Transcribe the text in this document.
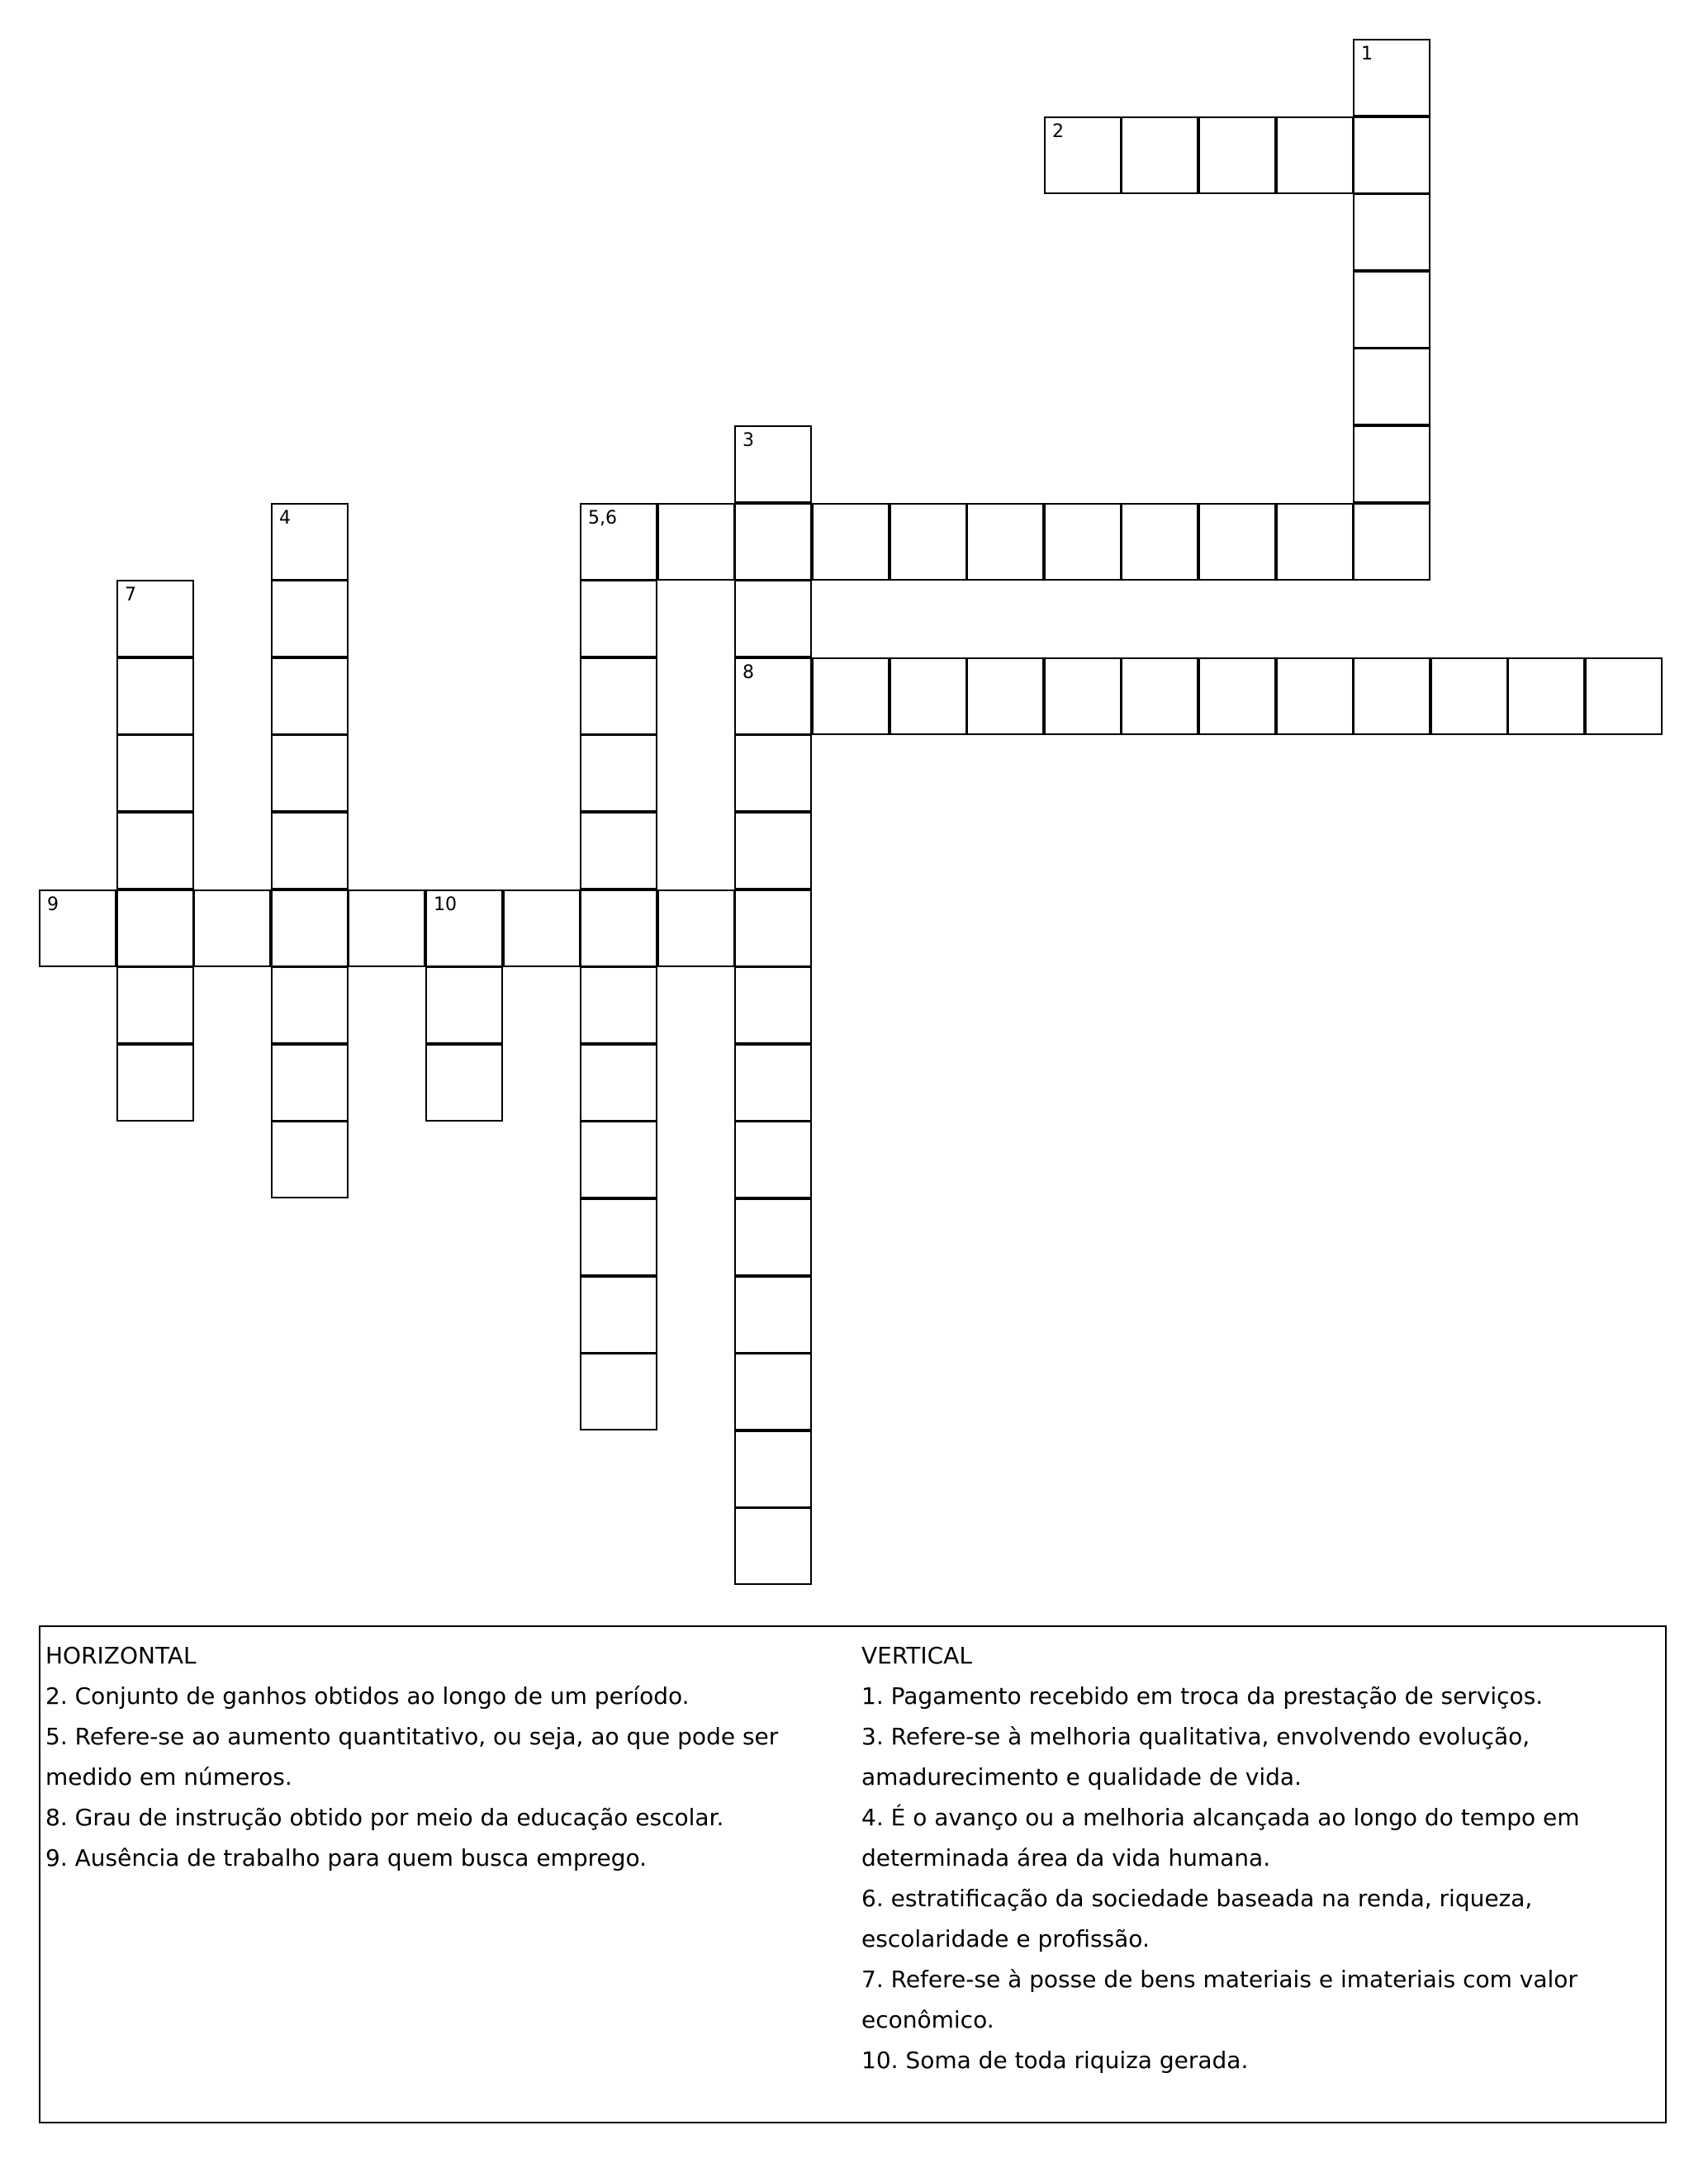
1
2
3
8
4	5,6
7
9	10
HORIZONTAL
2. Conjunto de ganhos obtidos ao longo de um período.
5. Refere-se ao aumento quantitativo, ou seja, ao que pode ser medido em números.
8. Grau de instrução obtido por meio da educação escolar.
9. Ausência de trabalho para quem busca emprego.
VERTICAL
1. Pagamento recebido em troca da prestação de serviços.
3. Refere-se à melhoria qualitativa, envolvendo evolução, amadurecimento e qualidade de vida.
4. É o avanço ou a melhoria alcançada ao longo do tempo em determinada área da vida humana.
6. estratificação da sociedade baseada na renda, riqueza, escolaridade e profissão.
7. Refere-se à posse de bens materiais e imateriais com valor econômico.
10. Soma de toda riquiza gerada.
